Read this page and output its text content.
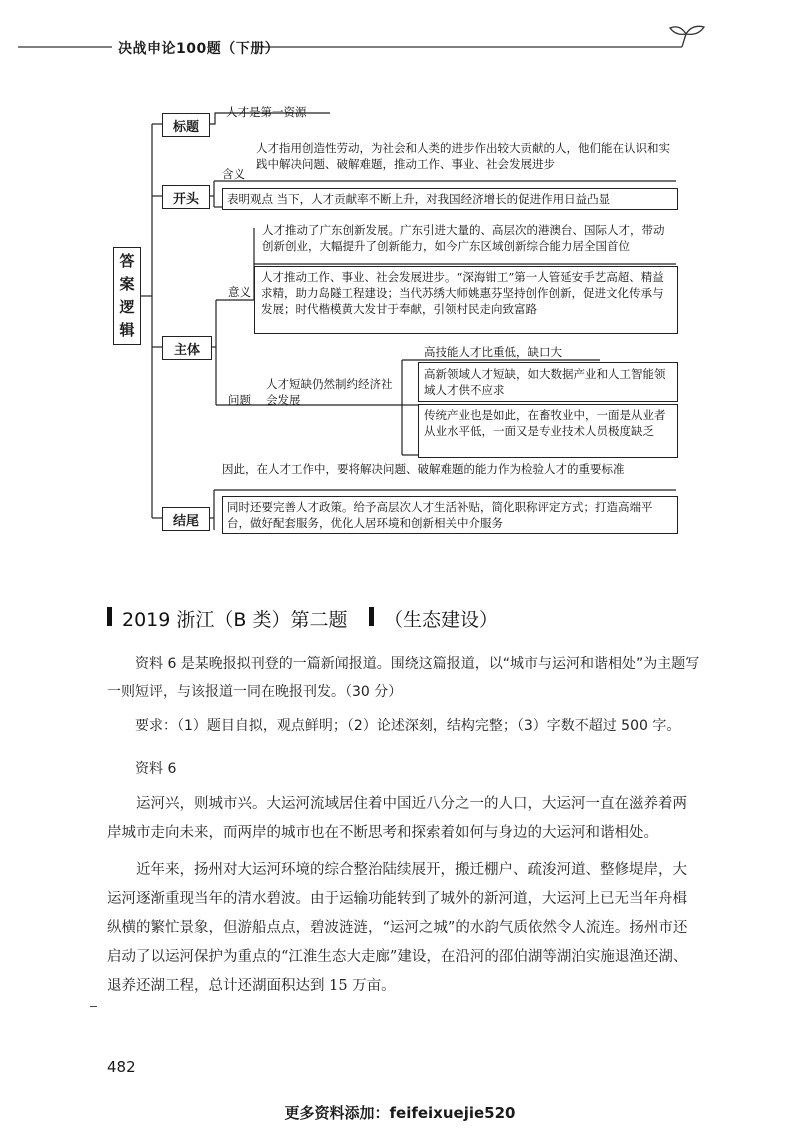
决战申论100题（下册）
答案逻辑
标题
开头
主体
结尾
人才是第一资源
人才指用创造性劳动，为社会和人类的进步作出较大贡献的人，他们能在认识和实践中解决问题、破解难题，推动工作、事业、社会发展进步
含义
表明观点 当下，人才贡献率不断上升，对我国经济增长的促进作用日益凸显
意义
人才推动了广东创新发展。广东引进大量的、高层次的港澳台、国际人才，带动创新创业，大幅提升了创新能力，如今广东区域创新综合能力居全国首位
人才推动工作、事业、社会发展进步。“深海钳工”第一人管延安手艺高超、精益求精，助力岛隧工程建设；当代苏绣大师姚惠芬坚持创作创新，促进文化传承与发展；时代楷模黄大发甘于奉献，引领村民走向致富路
人才短缺仍然制约经济社会发展
问题
高技能人才比重低，缺口大
高新领域人才短缺，如大数据产业和人工智能领域人才供不应求
传统产业也是如此，在畜牧业中，一面是从业者从业水平低，一面又是专业技术人员极度缺乏
因此，在人才工作中，要将解决问题、破解难题的能力作为检验人才的重要标准
同时还要完善人才政策。给予高层次人才生活补贴，简化职称评定方式；打造高端平台，做好配套服务，优化人居环境和创新相关中介服务
2019 浙江（B 类）第二题 （生态建设）
资料 6 是某晚报拟刊登的一篇新闻报道。围绕这篇报道，以“城市与运河和谐相处”为主题写一则短评，与该报道一同在晚报刊发。（30 分）
要求：（1）题目自拟，观点鲜明；（2）论述深刻，结构完整；（3）字数不超过 500 字。
资料 6
运河兴，则城市兴。大运河流域居住着中国近八分之一的人口，大运河一直在滋养着两岸城市走向未来，而两岸的城市也在不断思考和探索着如何与身边的大运河和谐相处。
近年来，扬州对大运河环境的综合整治陆续展开，搬迁棚户、疏浚河道、整修堤岸，大运河逐渐重现当年的清水碧波。由于运输功能转到了城外的新河道，大运河上已无当年舟楫纵横的繁忙景象，但游船点点，碧波涟涟，“运河之城”的水韵气质依然令人流连。扬州市还启动了以运河保护为重点的“江淮生态大走廊”建设，在沿河的邵伯湖等湖泊实施退渔还湖、退养还湖工程，总计还湖面积达到 15 万亩。
482
更多资料添加：feifeixuejie520
